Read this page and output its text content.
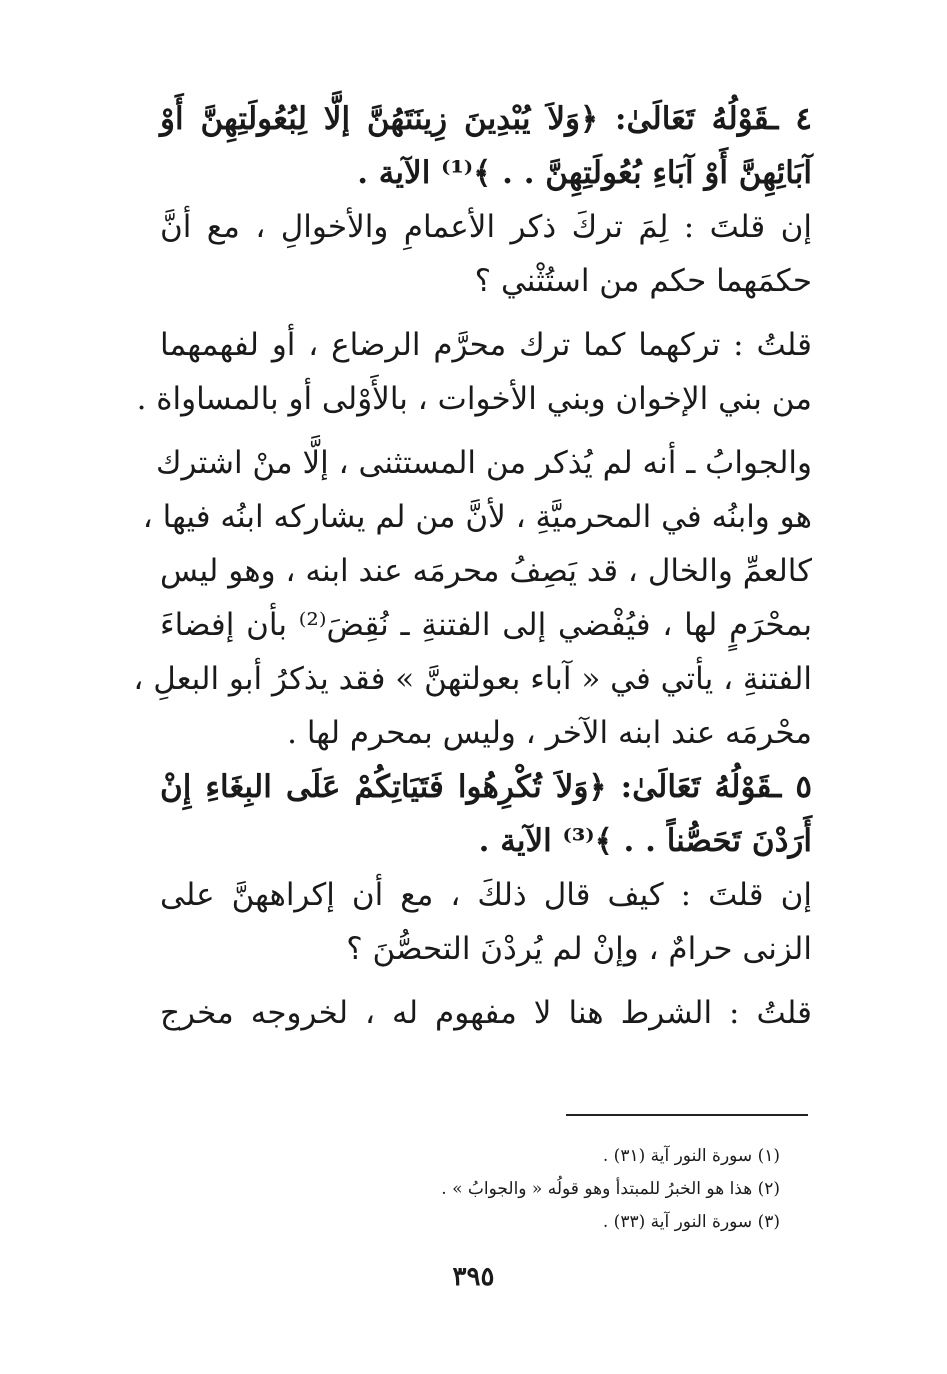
٤ ـقَوْلُهُ تَعَالَىٰ: ﴿وَلاَ يُبْدِينَ زِينَتَهُنَّ إلَّا لِبُعُولَتِهِنَّ أَوْ
آبَائِهِنَّ أَوْ آبَاءِ بُعُولَتِهِنَّ . . ﴾⁽¹⁾ الآية .
إن قلتَ : لِمَ تركَ ذكر الأعمامِ والأخوالِ ، مع أنَّ
حكمَهما حكم من استُثْني ؟
قلتُ : تركهما كما ترك محرَّم الرضاع ، أو لفهمهما
من بني الإخوان وبني الأخوات ، بالأَوْلى أو بالمساواة .
والجوابُ ـ أنه لم يُذكر من المستثنى ، إلَّا منْ اشترك
هو وابنُه في المحرميَّةِ ، لأنَّ من لم يشاركه ابنُه فيها ،
كالعمِّ والخال ، قد يَصِفُ محرمَه عند ابنه ، وهو ليس
بمحْرَمٍ لها ، فيُفْضي إلى الفتنةِ ـ نُقِضَ⁽²⁾ بأن إفضاءَ
الفتنةِ ، يأتي في « آباء بعولتهنَّ » فقد يذكرُ أبو البعلِ ،
محْرمَه عند ابنه الآخر ، وليس بمحرم لها .
٥ ـقَوْلُهُ تَعَالَىٰ: ﴿وَلاَ تُكْرِهُوا فَتَيَاتِكُمْ عَلَى البِغَاءِ إِنْ
أَرَدْنَ تَحَصُّناً . . ﴾⁽³⁾ الآية .
إن قلتَ : كيف قال ذلكَ ، مع أن إكراههنَّ على
الزنى حرامٌ ، وإنْ لم يُردْنَ التحصُّنَ ؟
قلتُ : الشرط هنا لا مفهوم له ، لخروجه مخرج
(١) سورة النور آية (٣١) .
(٢) هذا هو الخبرُ للمبتدأ وهو قولُه « والجوابُ » .
(٣) سورة النور آية (٣٣) .
٣٩٥
